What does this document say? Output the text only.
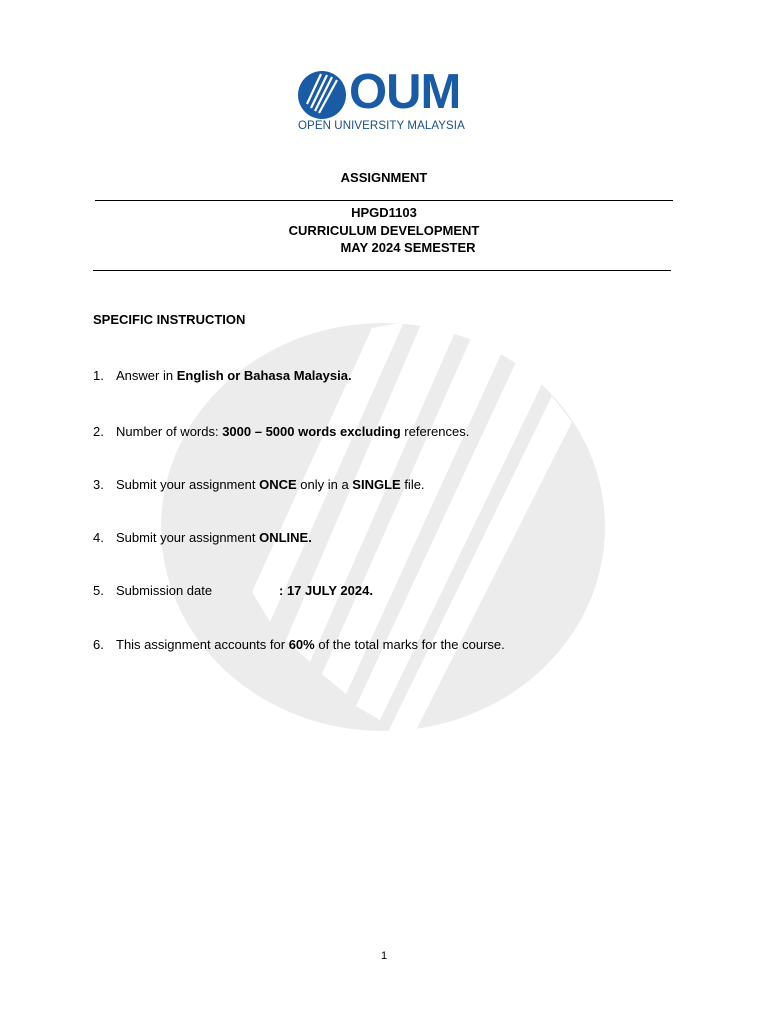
OUM
OPEN UNIVERSITY MALAYSIA
ASSIGNMENT
HPGD1103
CURRICULUM DEVELOPMENT
MAY 2024 SEMESTER
SPECIFIC INSTRUCTION
1. Answer in English or Bahasa Malaysia.
2. Number of words: 3000 – 5000 words excluding references.
3. Submit your assignment ONCE only in a SINGLE file.
4. Submit your assignment ONLINE.
5. Submission date	: 17 JULY 2024.
6. This assignment accounts for 60% of the total marks for the course.
1
